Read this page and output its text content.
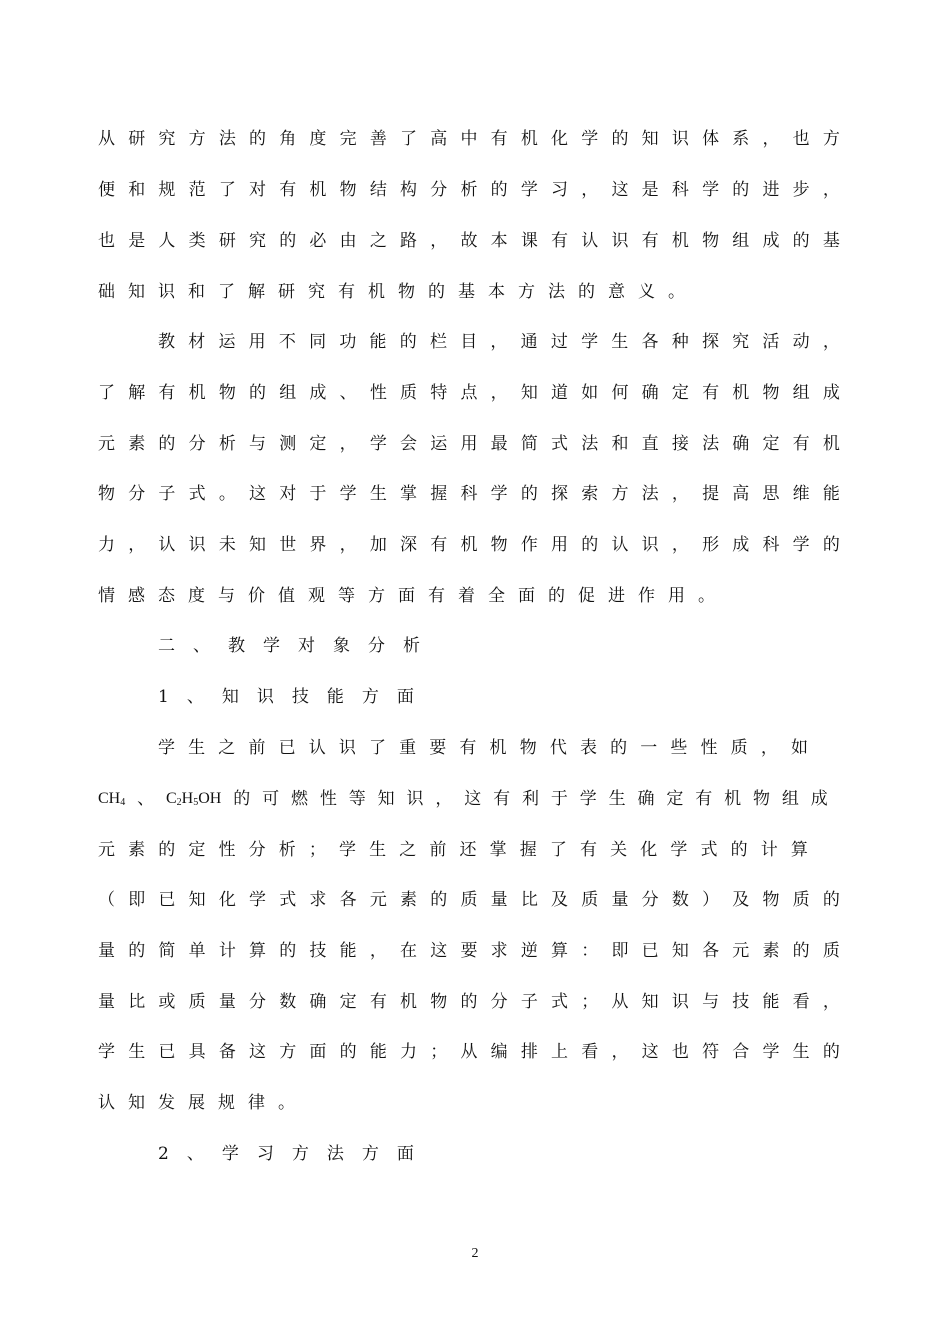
从 研 究 方 法 的 角 度 完 善 了 高 中 有 机 化 学 的 知 识 体 系 ， 也 方
便 和 规 范 了 对 有 机 物 结 构 分 析 的 学 习 ， 这 是 科 学 的 进 步 ，
也 是 人 类 研 究 的 必 由 之 路 ， 故 本 课 有 认 识 有 机 物 组 成 的 基
础 知 识 和 了 解 研 究 有 机 物 的 基 本 方 法 的 意 义 。
教 材 运 用 不 同 功 能 的 栏 目 ， 通 过 学 生 各 种 探 究 活 动 ，
了 解 有 机 物 的 组 成 、 性 质 特 点 ， 知 道 如 何 确 定 有 机 物 组 成
元 素 的 分 析 与 测 定 ， 学 会 运 用 最 简 式 法 和 直 接 法 确 定 有 机
物 分 子 式 。 这 对 于 学 生 掌 握 科 学 的 探 索 方 法 ， 提 高 思 维 能
力 ， 认 识 未 知 世 界 ， 加 深 有 机 物 作 用 的 认 识 ， 形 成 科 学 的
情 感 态 度 与 价 值 观 等 方 面 有 着 全 面 的 促 进 作 用 。
二 、 教 学 对 象 分 析
1 、 知 识 技 能 方 面
学 生 之 前 已 认 识 了 重 要 有 机 物 代 表 的 一 些 性 质 ， 如
$CH_4$ 、 $C_2H_5OH$ 的 可 燃 性 等 知 识 ， 这 有 利 于 学 生 确 定 有 机 物 组 成
元 素 的 定 性 分 析 ； 学 生 之 前 还 掌 握 了 有 关 化 学 式 的 计 算
（ 即 已 知 化 学 式 求 各 元 素 的 质 量 比 及 质 量 分 数 ） 及 物 质 的
量 的 简 单 计 算 的 技 能 ， 在 这 要 求 逆 算 ： 即 已 知 各 元 素 的 质
量 比 或 质 量 分 数 确 定 有 机 物 的 分 子 式 ； 从 知 识 与 技 能 看 ，
学 生 已 具 备 这 方 面 的 能 力 ； 从 编 排 上 看 ， 这 也 符 合 学 生 的
认 知 发 展 规 律 。
2 、 学 习 方 法 方 面
2
